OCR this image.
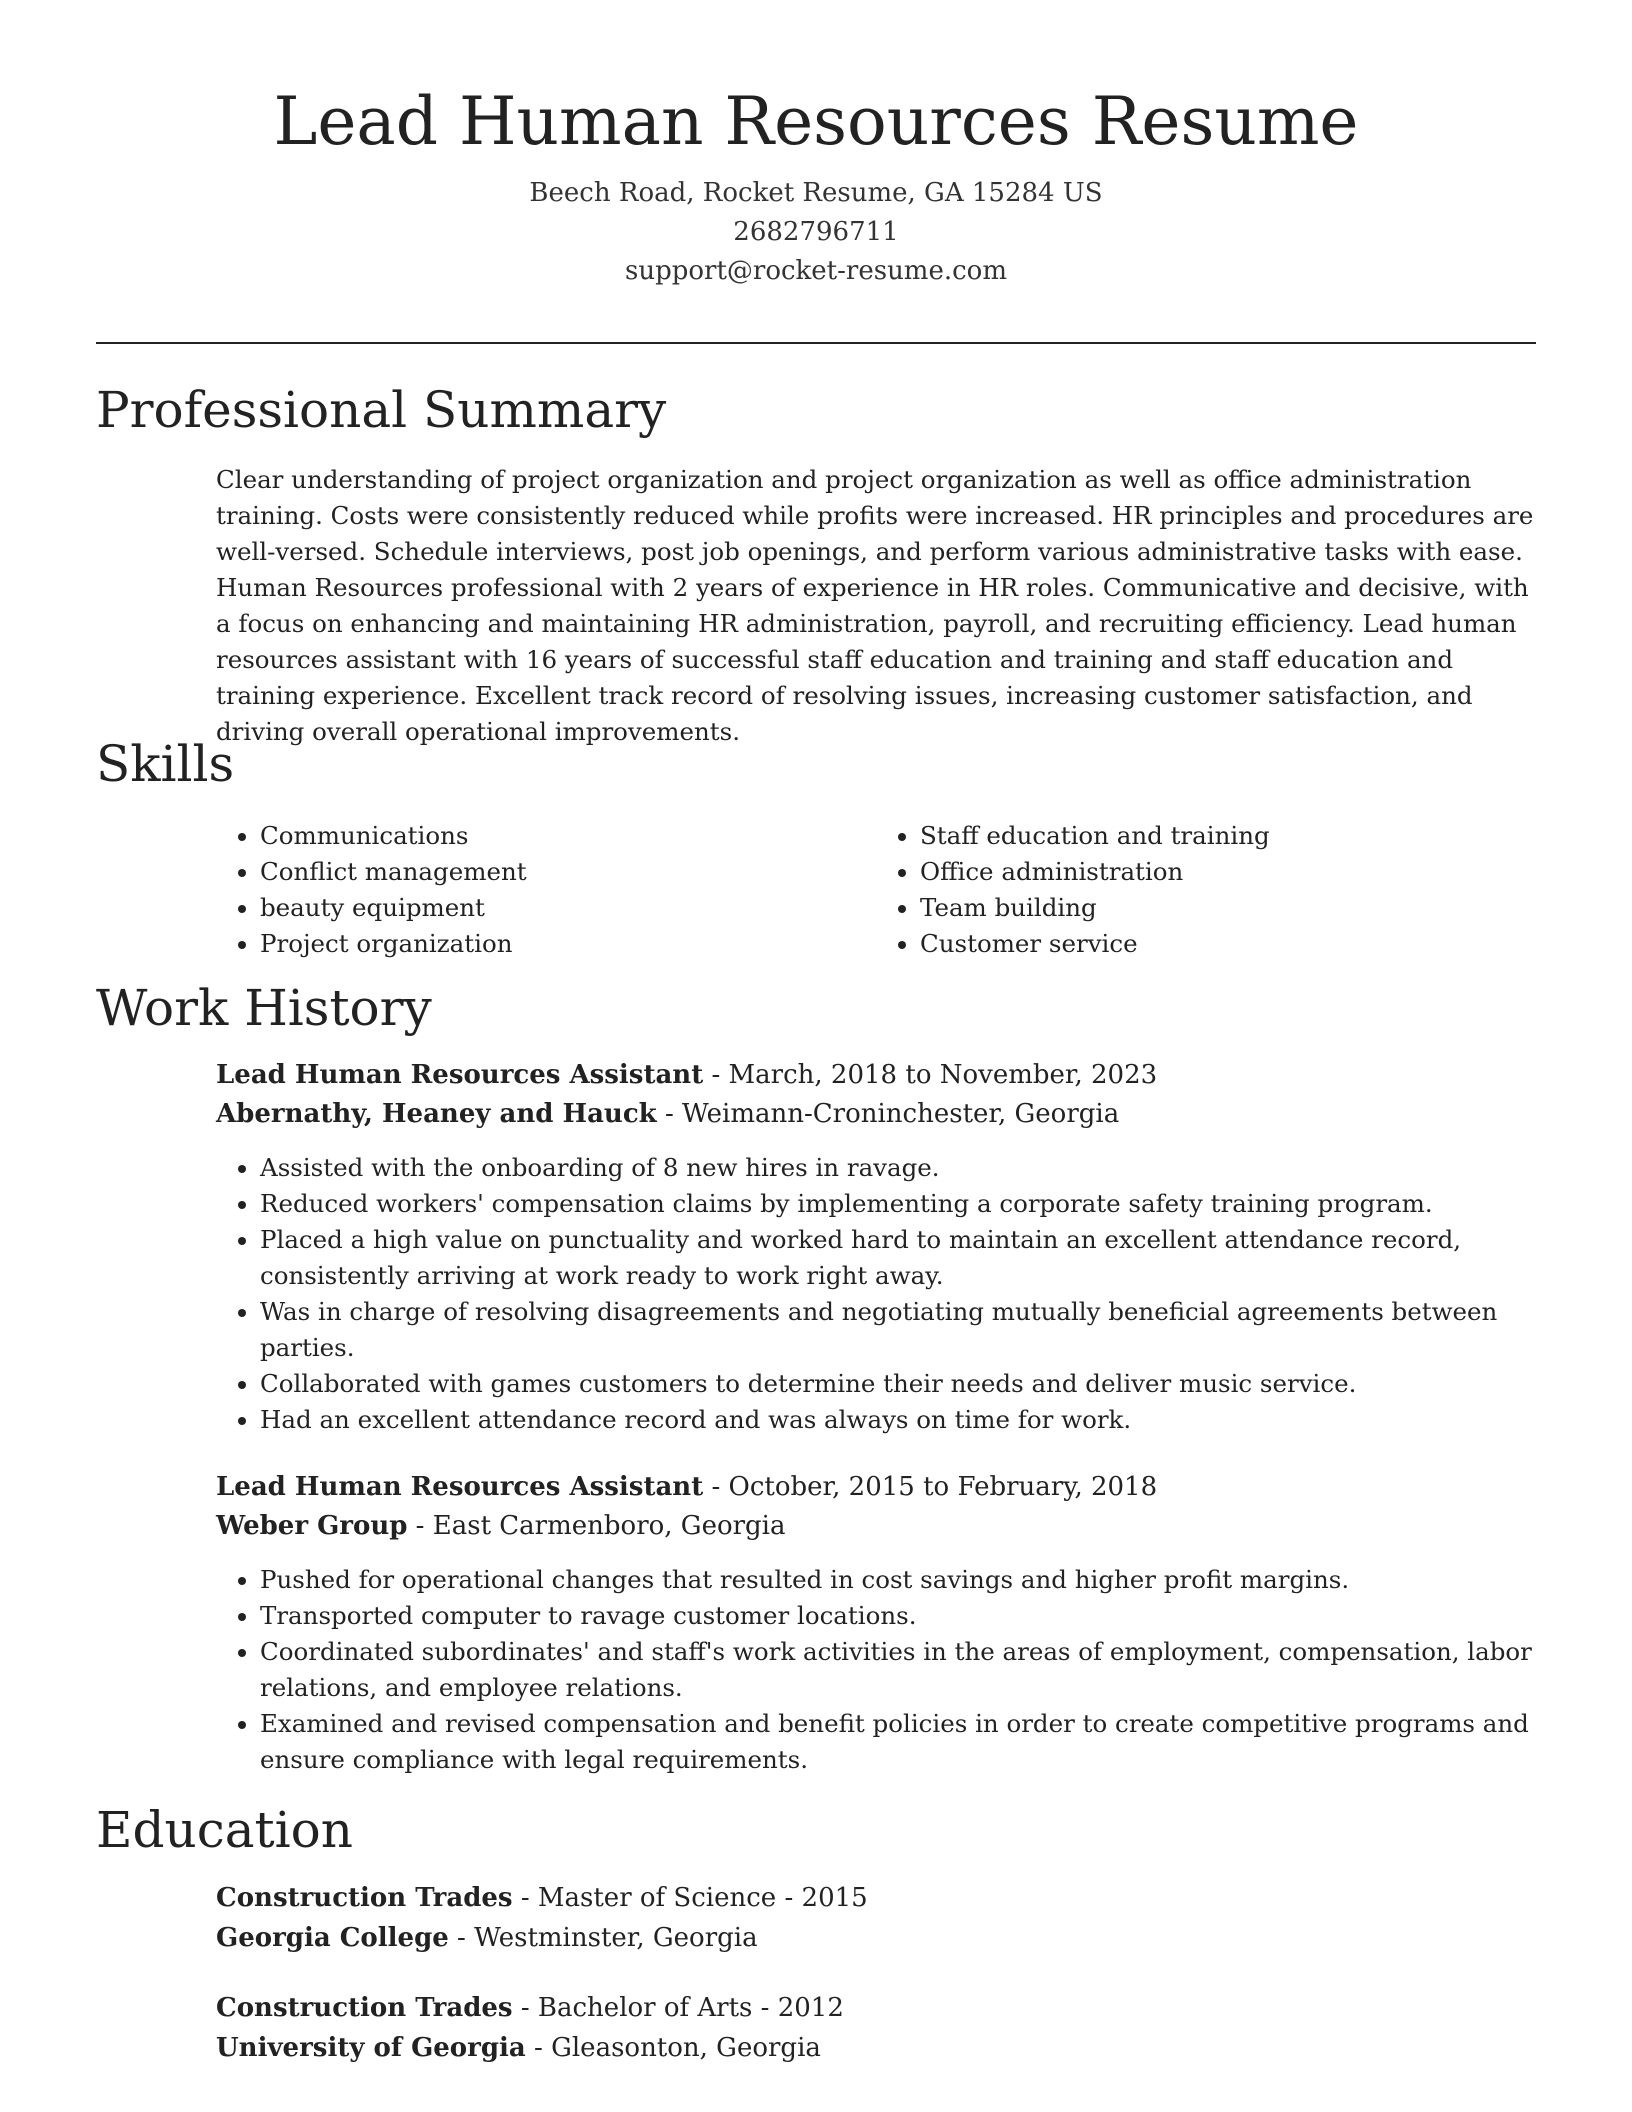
Lead Human Resources Resume
Beech Road, Rocket Resume, GA 15284 US
2682796711
support@rocket-resume.com
Professional Summary

Clear understanding of project organization and project organization as well as office administration training. Costs were consistently reduced while profits were increased. HR principles and procedures are well-versed. Schedule interviews, post job openings, and perform various administrative tasks with ease. Human Resources professional with 2 years of experience in HR roles. Communicative and decisive, with a focus on enhancing and maintaining HR administration, payroll, and recruiting efficiency. Lead human resources assistant with 16 years of successful staff education and training and staff education and training experience. Excellent track record of resolving issues, increasing customer satisfaction, and driving overall operational improvements.

Skills
• Communications
• Conflict management
• beauty equipment
• Project organization
• Staff education and training
• Office administration
• Team building
• Customer service
Work History
Lead Human Resources Assistant - March, 2018 to November, 2023
Abernathy, Heaney and Hauck - Weimann-Croninchester, Georgia
• Assisted with the onboarding of 8 new hires in ravage.
• Reduced workers' compensation claims by implementing a corporate safety training program.
• Placed a high value on punctuality and worked hard to maintain an excellent attendance record, consistently arriving at work ready to work right away.
• Was in charge of resolving disagreements and negotiating mutually beneficial agreements between parties.
• Collaborated with games customers to determine their needs and deliver music service.
• Had an excellent attendance record and was always on time for work.
Lead Human Resources Assistant - October, 2015 to February, 2018
Weber Group - East Carmenboro, Georgia
• Pushed for operational changes that resulted in cost savings and higher profit margins.
• Transported computer to ravage customer locations.
• Coordinated subordinates' and staff's work activities in the areas of employment, compensation, labor relations, and employee relations.
• Examined and revised compensation and benefit policies in order to create competitive programs and ensure compliance with legal requirements.
Education
Construction Trades - Master of Science - 2015
Georgia College - Westminster, Georgia
Construction Trades - Bachelor of Arts - 2012
University of Georgia - Gleasonton, Georgia
